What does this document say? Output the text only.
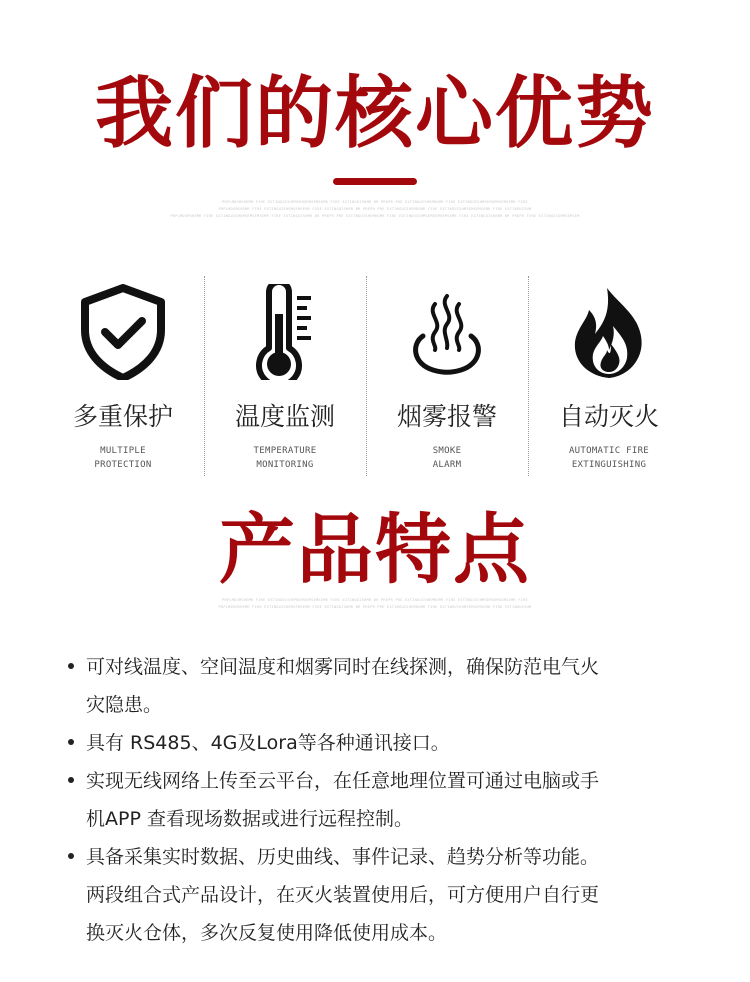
我们的核心优势
PRPLMDSMSHEMR FIRE EXTINGUISHEMSEMSEMSEMSEMR FIRE EXTINGUISHMR BR PREPR PRE EXTINGUISHEMRGMR FIRE EXTINGUISHMSEMSEMSEMSEMR FIRE
PRPLMDSMSHEMR FIRE EXTINGUISHEMSEMSEMR FIRE EXTINGUISHMR BR PREPR PRE EXTINGUISHEMRGMR FIRE EXTINGUISHMSEMSEMSEMR FIRE EXTINGUISHM
PRPLMDSMSHEMR FIRE EXTINGUISHEMSEMSEMSEMR FIRE EXTINGUISHMR BR PREPR PRE EXTINGUISHEMRGMR FIRE EXTINGUISHMSEMSEMSEMSEMR FIRE EXTINGUISHEMR BR PREPR FIRE EXTINGUISHMSEMSEM
多重保护
MULTIPLE
PROTECTION
温度监测
TEMPERATURE
MONITORING
烟雾报警
SMOKE
ALARM
自动灭火
AUTOMATIC FIRE
EXTINGUISHING
产品特点
PRPLMDSMSHEMR FIRE EXTINGUISHEMSEMSEMSEMSEMR FIRE EXTINGUISHMR BR PREPR PRE EXTINGUISHEMRGMR FIRE EXTINGUISHMSEMSEMSEMSEMR FIRE
PRPLMDSMSHEMR FIRE EXTINGUISHEMSEMSEMR FIRE EXTINGUISHMR BR PREPR PRE EXTINGUISHEMRGMR FIRE EXTINGUISHMSEMSEMSEMR FIRE EXTINGUISHM
可对线温度、空间温度和烟雾同时在线探测，确保防范电气火
灾隐患。
具有 RS485、4G及Lora等各种通讯接口。
实现无线网络上传至云平台，在任意地理位置可通过电脑或手
机APP 查看现场数据或进行远程控制。
具备采集实时数据、历史曲线、事件记录、趋势分析等功能。
两段组合式产品设计，在灭火装置使用后，可方便用户自行更
换灭火仓体，多次反复使用降低使用成本。
